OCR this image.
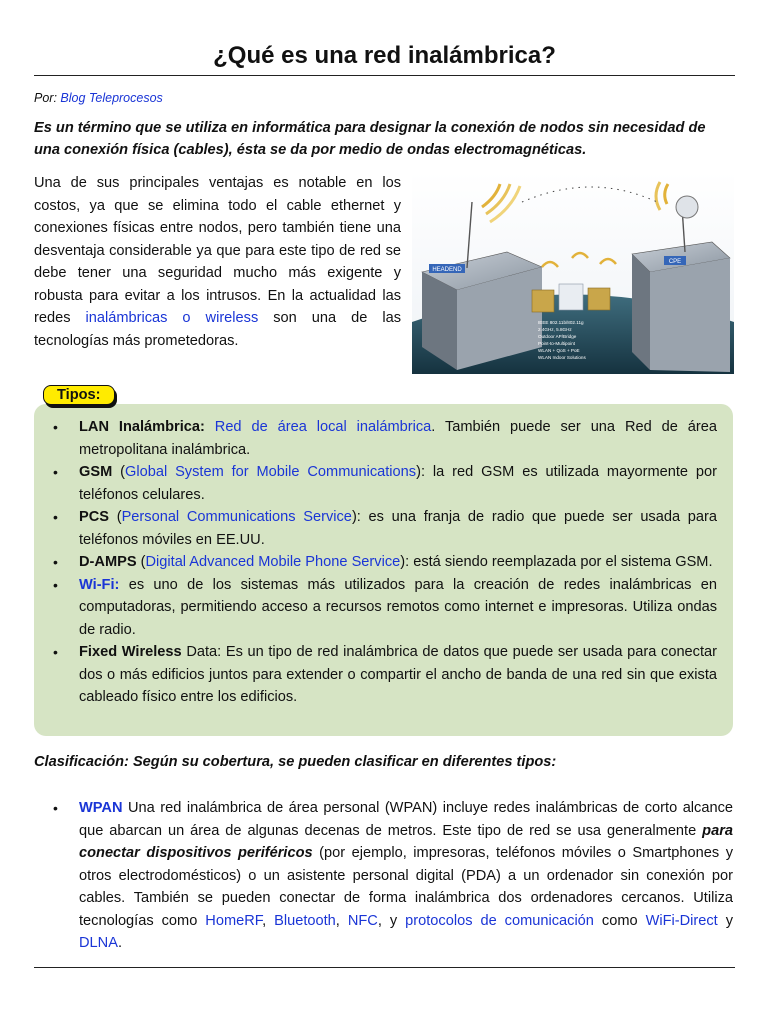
¿Qué es una red inalámbrica?
Por: Blog Teleprocesos
Es un término que se utiliza en informática para designar la conexión de nodos sin necesidad de una conexión física (cables), ésta se da por medio de ondas electromagnéticas.
Una de sus principales ventajas es notable en los costos, ya que se elimina todo el cable ethernet y conexiones físicas entre nodos, pero también tiene una desventaja considerable ya que para este tipo de red se debe tener una seguridad mucho más exigente y robusta para evitar a los intrusos. En la actualidad las redes inalámbricas o wireless son una de las tecnologías más prometedoras.
HEADEND
CPE
IEEE 802.11b/802.11g
2.4GHz, 5.8GHz
Outdoor AP/Bridge
Point-to-Multipoint
WLAN + QoS + PoE
WLAN Indoor Solutions
Tipos:
• LAN Inalámbrica: Red de área local inalámbrica. También puede ser una Red de área metropolitana inalámbrica.
• GSM (Global System for Mobile Communications): la red GSM es utilizada mayormente por teléfonos celulares.
• PCS (Personal Communications Service): es una franja de radio que puede ser usada para teléfonos móviles en EE.UU.
• D-AMPS (Digital Advanced Mobile Phone Service): está siendo reemplazada por el sistema GSM.
• Wi-Fi: es uno de los sistemas más utilizados para la creación de redes inalámbricas en computadoras, permitiendo acceso a recursos remotos como internet e impresoras. Utiliza ondas de radio.
• Fixed Wireless Data: Es un tipo de red inalámbrica de datos que puede ser usada para conectar dos o más edificios juntos para extender o compartir el ancho de banda de una red sin que exista cableado físico entre los edificios.
Clasificación: Según su cobertura, se pueden clasificar en diferentes tipos:
• WPAN Una red inalámbrica de área personal (WPAN) incluye redes inalámbricas de corto alcance que abarcan un área de algunas decenas de metros. Este tipo de red se usa generalmente para conectar dispositivos periféricos (por ejemplo, impresoras, teléfonos móviles o Smartphones y otros electrodomésticos) o un asistente personal digital (PDA) a un ordenador sin conexión por cables. También se pueden conectar de forma inalámbrica dos ordenadores cercanos. Utiliza tecnologías como HomeRF, Bluetooth, NFC, y protocolos de comunicación como WiFi-Direct y DLNA.
